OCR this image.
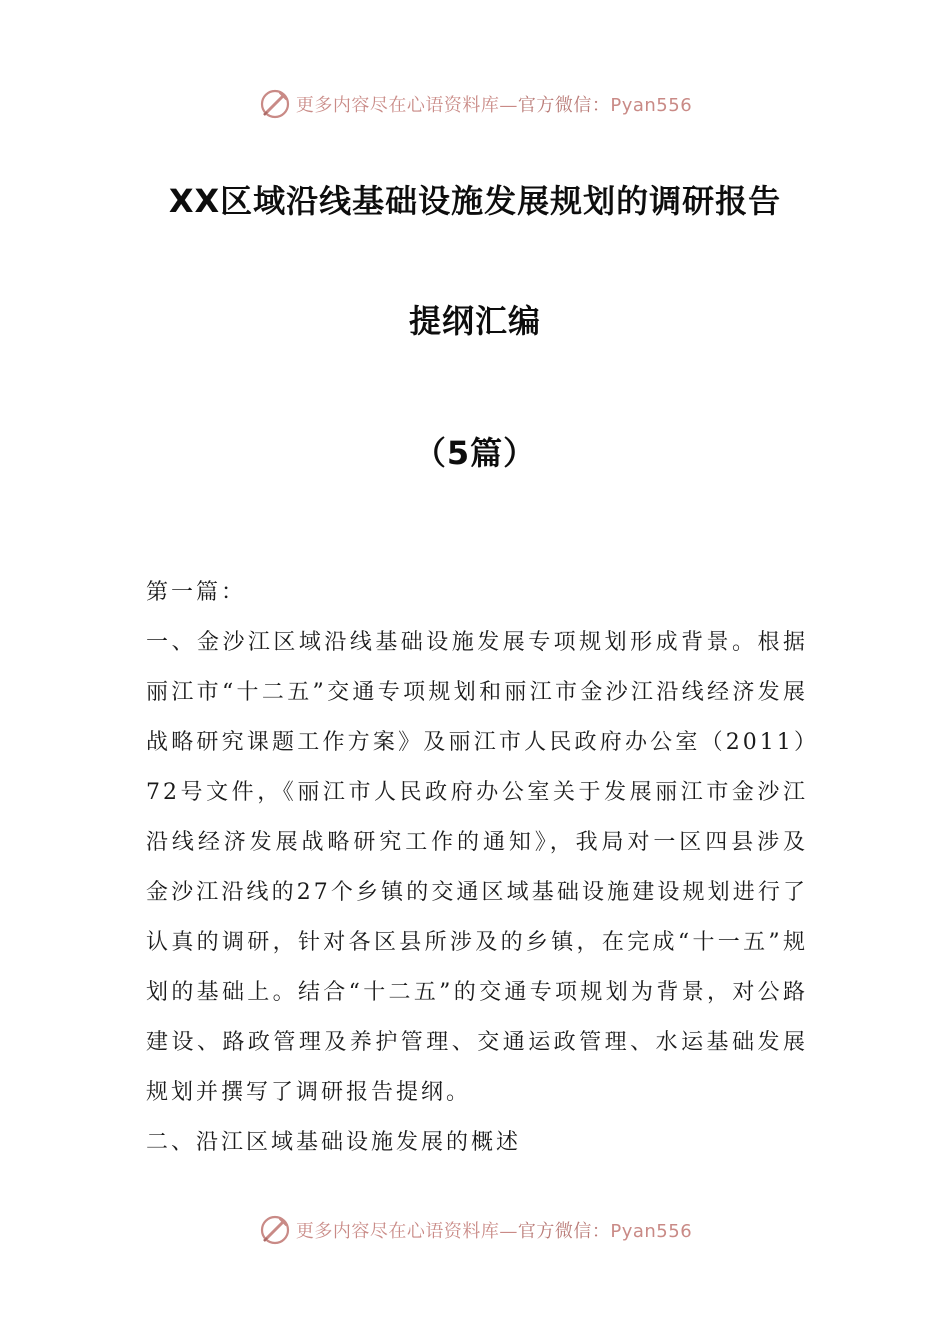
更多内容尽在心语资料库—官方微信：Pyan556
XX区域沿线基础设施发展规划的调研报告
提纲汇编
（5篇）

第一篇：

一、金沙江区域沿线基础设施发展专项规划形成背景。根据丽江市“十二五”交通专项规划和丽江市金沙江沿线经济发展战略研究课题工作方案》及丽江市人民政府办公室（2011）72号文件，《丽江市人民政府办公室关于发展丽江市金沙江沿线经济发展战略研究工作的通知》，我局对一区四县涉及金沙江沿线的27个乡镇的交通区域基础设施建设规划进行了认真的调研，针对各区县所涉及的乡镇，在完成“十一五”规划的基础上。结合“十二五”的交通专项规划为背景，对公路建设、路政管理及养护管理、交通运政管理、水运基础发展规划并撰写了调研报告提纲。

二、沿江区域基础设施发展的概述

更多内容尽在心语资料库—官方微信：Pyan556
